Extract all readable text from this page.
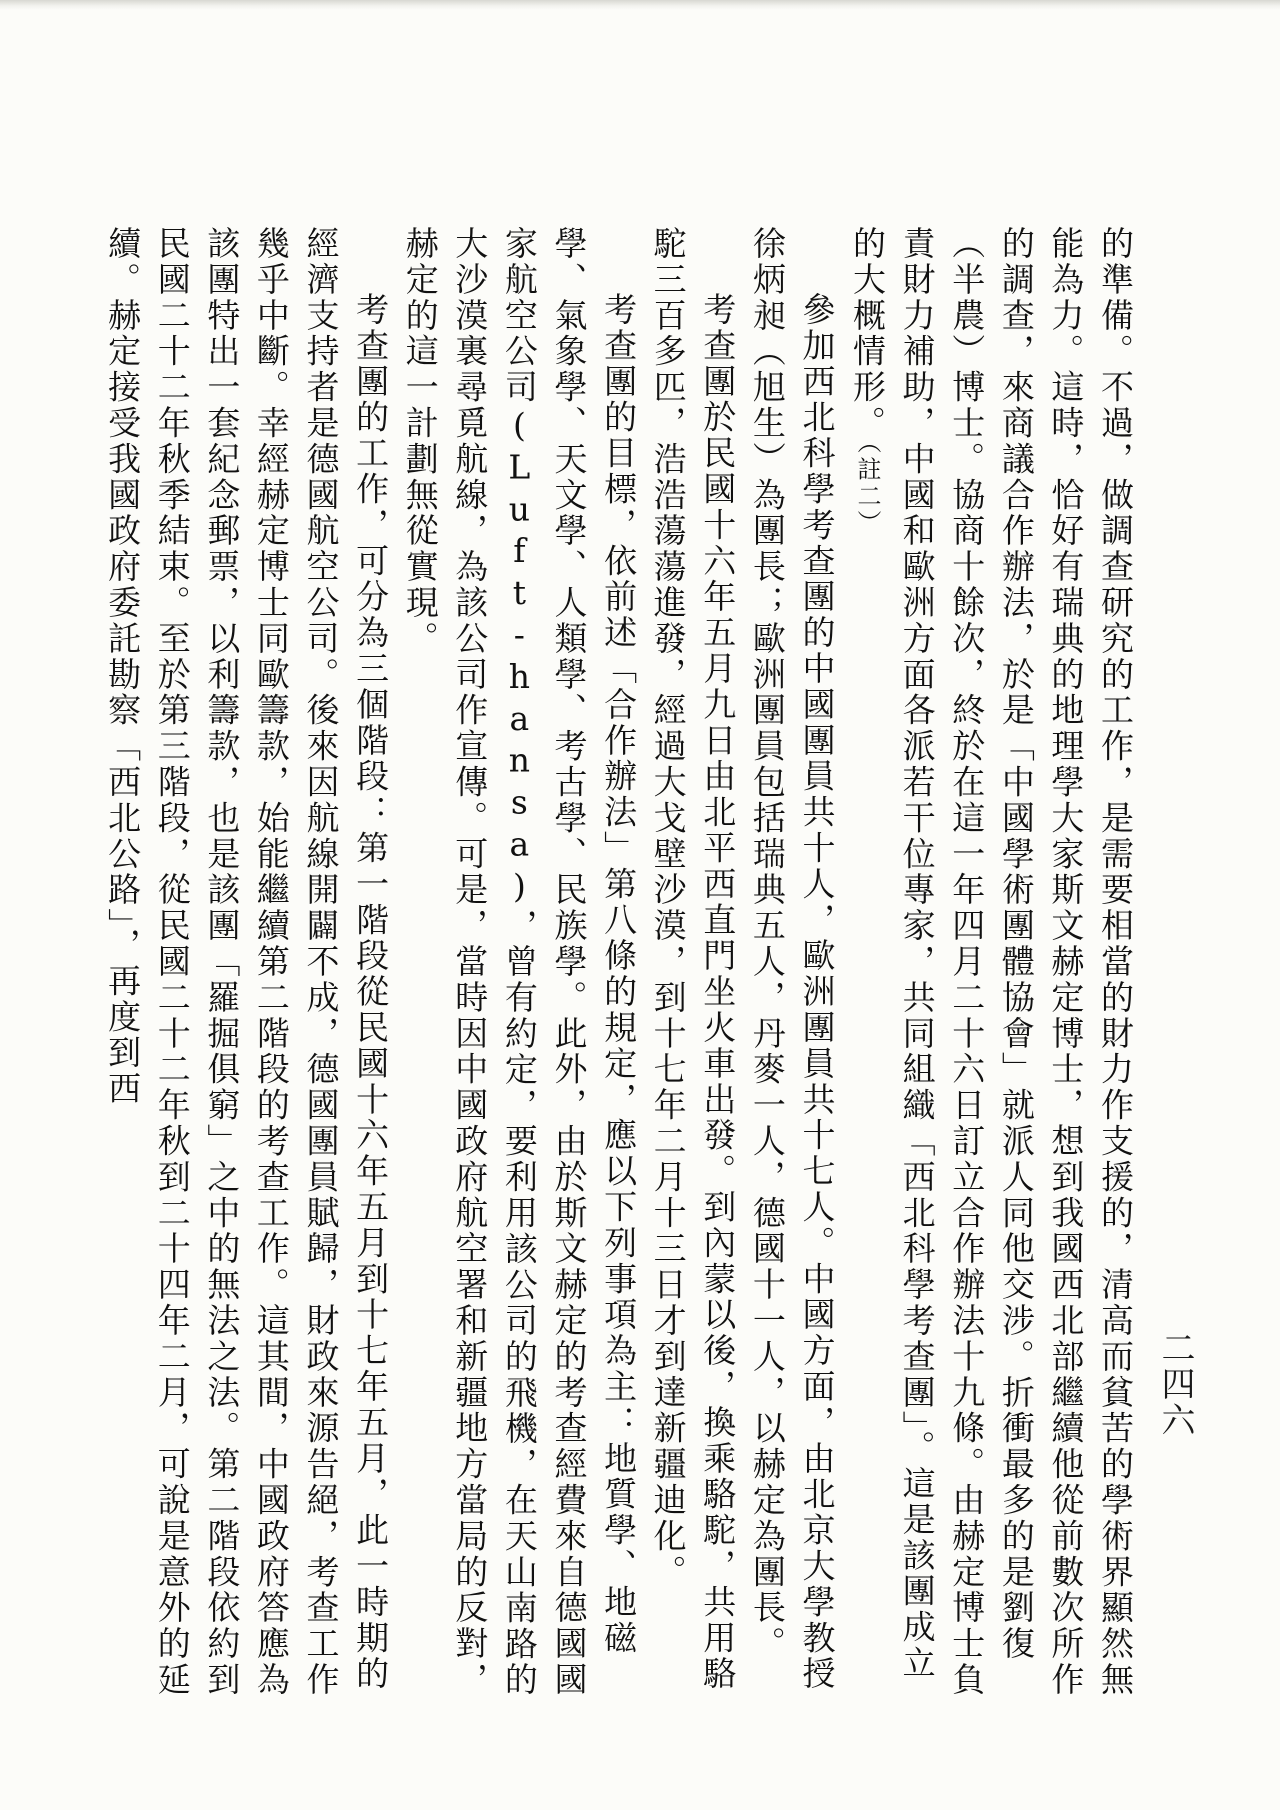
二四六

的準備。不過，做調查研究的工作，是需要相當的財力作支援的，清高而貧苦的學術界顯然無能為力。這時，恰好有瑞典的地理學大家斯文赫定博士，想到我國西北部繼續他從前數次所作的調查，來商議合作辦法，於是「中國學術團體協會」就派人同他交涉。折衝最多的是劉復（半農）博士。協商十餘次，終於在這一年四月二十六日訂立合作辦法十九條。由赫定博士負責財力補助，中國和歐洲方面各派若干位專家，共同組織「西北科學考查團」。這是該團成立的大概情形。（註二）

參加西北科學考查團的中國團員共十人，歐洲團員共十七人。中國方面，由北京大學教授徐炳昶（旭生）為團長；歐洲團員包括瑞典五人，丹麥一人，德國十一人，以赫定為團長。

考查團於民國十六年五月九日由北平西直門坐火車出發。到內蒙以後，換乘駱駝，共用駱駝三百多匹，浩浩蕩蕩進發，經過大戈壁沙漠，到十七年二月十三日才到達新疆迪化。

考查團的目標，依前述「合作辦法」第八條的規定，應以下列事項為主：地質學、地磁學、氣象學、天文學、人類學、考古學、民族學。此外，由於斯文赫定的考查經費來自德國國家航空公司(Luft-hansa)，曾有約定，要利用該公司的飛機，在天山南路的大沙漠裏尋覓航線，為該公司作宣傳。可是，當時因中國政府航空署和新疆地方當局的反對，赫定的這一計劃無從實現。

考查團的工作，可分為三個階段：第一階段從民國十六年五月到十七年五月，此一時期的經濟支持者是德國航空公司。後來因航線開闢不成，德國團員賦歸，財政來源告絕，考查工作幾乎中斷。幸經赫定博士同歐籌款，始能繼續第二階段的考查工作。這其間，中國政府答應為該團特出一套紀念郵票，以利籌款，也是該團「羅掘俱窮」之中的無法之法。第二階段依約到民國二十二年秋季結束。至於第三階段，從民國二十二年秋到二十四年二月，可說是意外的延續。赫定接受我國政府委託勘察「西北公路」，再度到西
